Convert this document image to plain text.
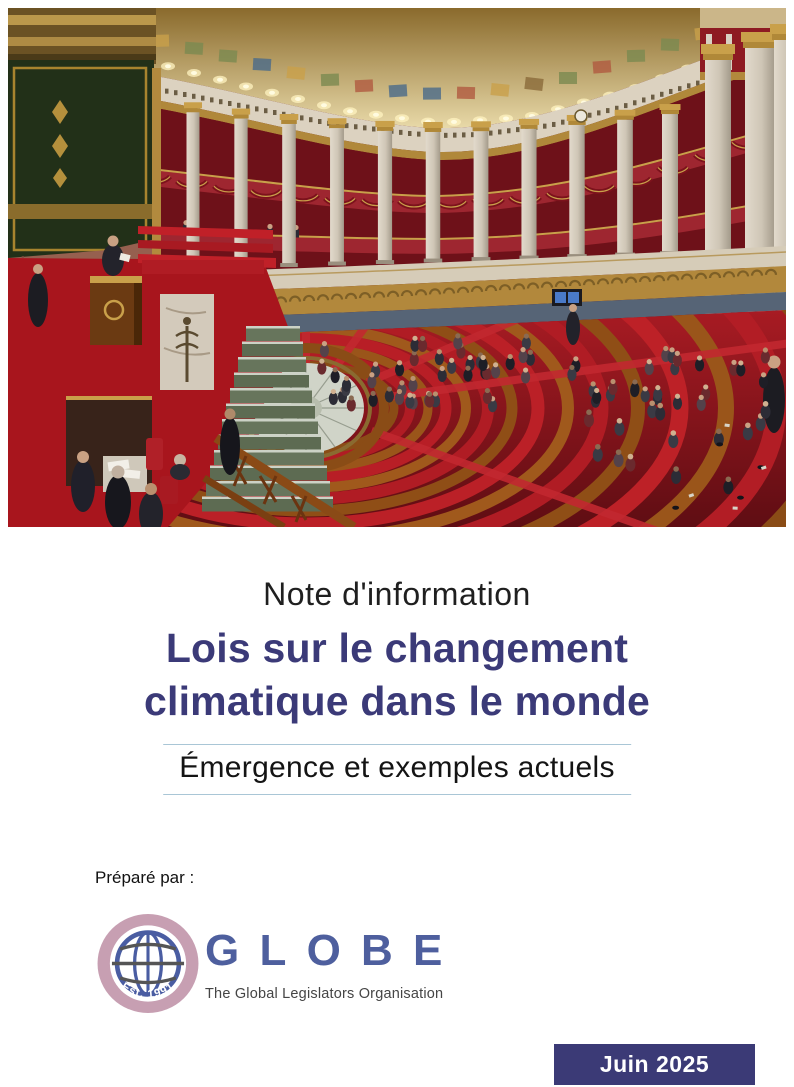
Note d'information
Lois sur le changement
climatique dans le monde
Émergence et exemples actuels
Préparé par :
Est. 1991
GLOBE
The Global Legislators Organisation
Juin 2025
